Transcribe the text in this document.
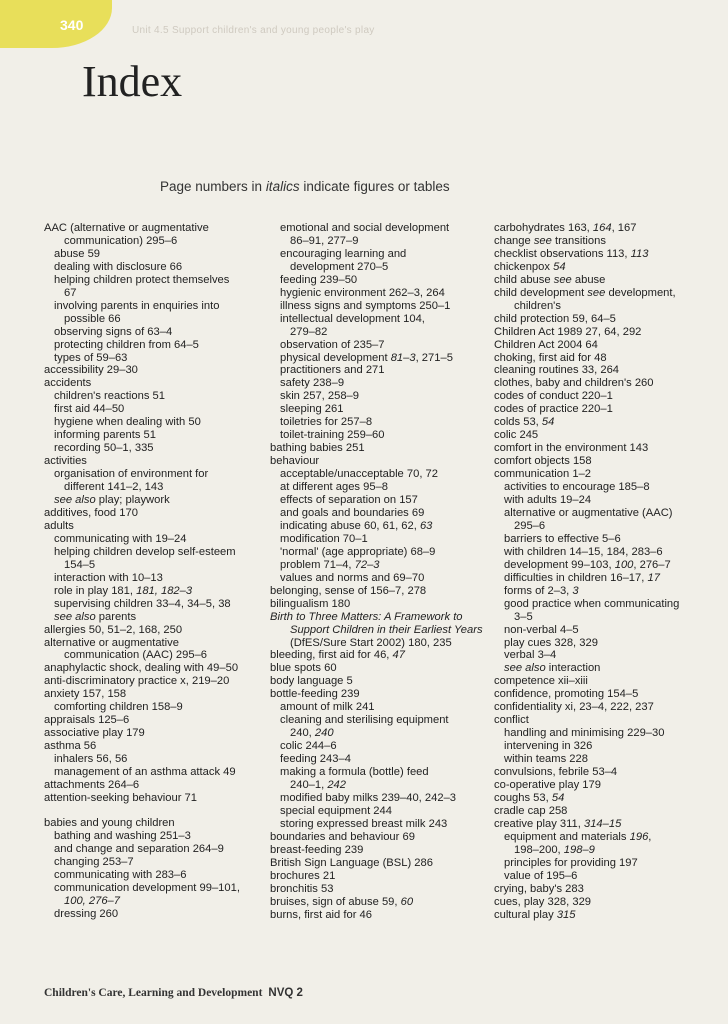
340	Unit 4.5 Support children's and young people's play
Index
Page numbers in italics indicate figures or tables
AAC (alternative or augmentative
communication) 295–6
abuse 59
dealing with disclosure 66
helping children protect themselves
67
involving parents in enquiries into
possible 66
observing signs of 63–4
protecting children from 64–5
types of 59–63
accessibility 29–30
accidents
children's reactions 51
first aid 44–50
hygiene when dealing with 50
informing parents 51
recording 50–1, 335
activities
organisation of environment for
different 141–2, 143
see also play; playwork
additives, food 170
adults
communicating with 19–24
helping children develop self-esteem
154–5
interaction with 10–13
role in play 181, 181, 182–3
supervising children 33–4, 34–5, 38
see also parents
allergies 50, 51–2, 168, 250
alternative or augmentative
communication (AAC) 295–6
anaphylactic shock, dealing with 49–50
anti-discriminatory practice x, 219–20
anxiety 157, 158
comforting children 158–9
appraisals 125–6
associative play 179
asthma 56
inhalers 56, 56
management of an asthma attack 49
attachments 264–6
attention-seeking behaviour 71
babies and young children
bathing and washing 251–3
and change and separation 264–9
changing 253–7
communicating with 283–6
communication development 99–101,
100, 276–7
dressing 260
emotional and social development
86–91, 277–9
encouraging learning and
development 270–5
feeding 239–50
hygienic environment 262–3, 264
illness signs and symptoms 250–1
intellectual development 104,
279–82
observation of 235–7
physical development 81–3, 271–5
practitioners and 271
safety 238–9
skin 257, 258–9
sleeping 261
toiletries for 257–8
toilet-training 259–60
bathing babies 251
behaviour
acceptable/unacceptable 70, 72
at different ages 95–8
effects of separation on 157
and goals and boundaries 69
indicating abuse 60, 61, 62, 63
modification 70–1
'normal' (age appropriate) 68–9
problem 71–4, 72–3
values and norms and 69–70
belonging, sense of 156–7, 278
bilingualism 180
Birth to Three Matters: A Framework to
Support Children in their Earliest Years
(DfES/Sure Start 2002) 180, 235
bleeding, first aid for 46, 47
blue spots 60
body language 5
bottle-feeding 239
amount of milk 241
cleaning and sterilising equipment
240, 240
colic 244–6
feeding 243–4
making a formula (bottle) feed
240–1, 242
modified baby milks 239–40, 242–3
special equipment 244
storing expressed breast milk 243
boundaries and behaviour 69
breast-feeding 239
British Sign Language (BSL) 286
brochures 21
bronchitis 53
bruises, sign of abuse 59, 60
burns, first aid for 46
carbohydrates 163, 164, 167
change see transitions
checklist observations 113, 113
chickenpox 54
child abuse see abuse
child development see development,
children's
child protection 59, 64–5
Children Act 1989 27, 64, 292
Children Act 2004 64
choking, first aid for 48
cleaning routines 33, 264
clothes, baby and children's 260
codes of conduct 220–1
codes of practice 220–1
colds 53, 54
colic 245
comfort in the environment 143
comfort objects 158
communication 1–2
activities to encourage 185–8
with adults 19–24
alternative or augmentative (AAC)
295–6
barriers to effective 5–6
with children 14–15, 184, 283–6
development 99–103, 100, 276–7
difficulties in children 16–17, 17
forms of 2–3, 3
good practice when communicating
3–5
non-verbal 4–5
play cues 328, 329
verbal 3–4
see also interaction
competence xii–xiii
confidence, promoting 154–5
confidentiality xi, 23–4, 222, 237
conflict
handling and minimising 229–30
intervening in 326
within teams 228
convulsions, febrile 53–4
co-operative play 179
coughs 53, 54
cradle cap 258
creative play 311, 314–15
equipment and materials 196,
198–200, 198–9
principles for providing 197
value of 195–6
crying, baby's 283
cues, play 328, 329
cultural play 315
Children's Care, Learning and Development NVQ 2
